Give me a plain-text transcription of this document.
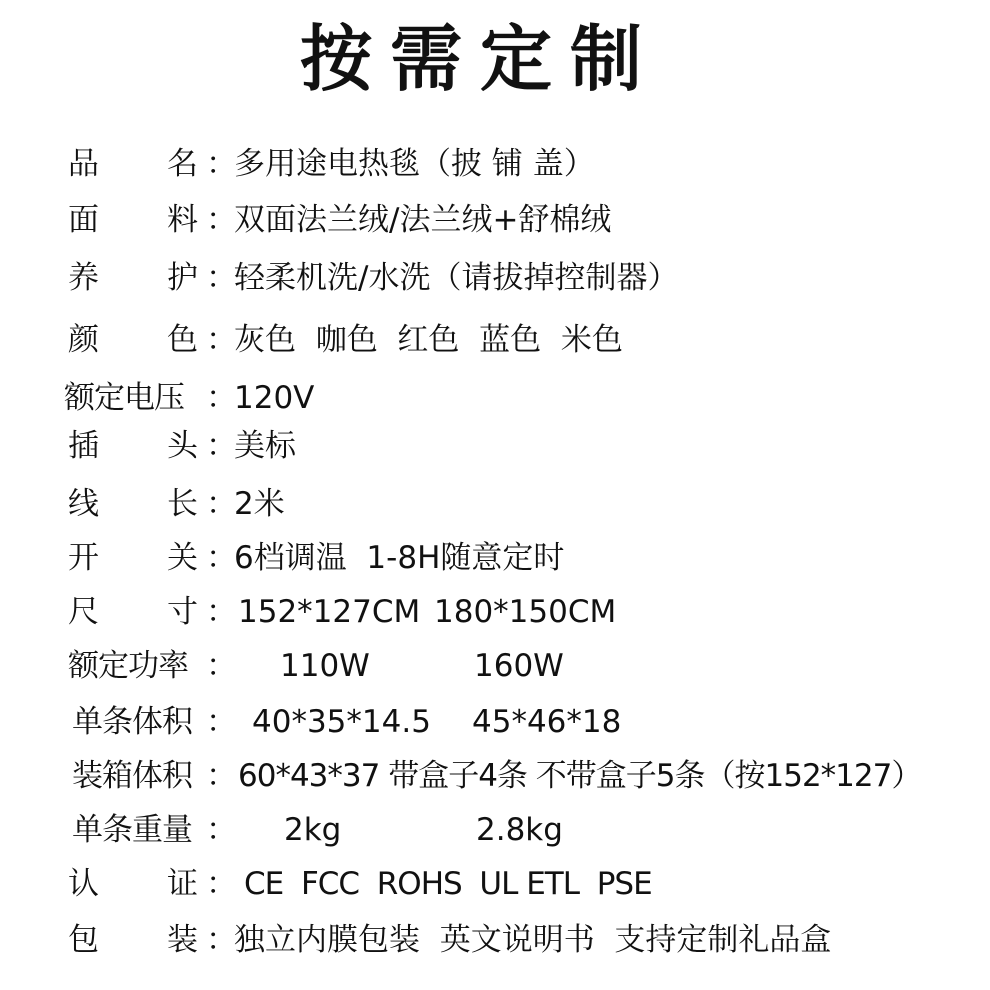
按需定制
品 名 ：
多用途电热毯（披 铺 盖）
面 料 ：
双面法兰绒/法兰绒+舒棉绒
养 护 ：
轻柔机洗/水洗（请拔掉控制器）
颜 色 ：
灰色  咖色  红色  蓝色  米色
额定电压 ：
120V
插 头 ：
美标
线 长 ：
2米
开 关 ：
6档调温  1-8H随意定时
尺 寸 ： 152*127CM 180*150CM
额定功率 ： 110W	160W
单条体积 ： 40*35*14.5 45*46*18
装箱体积 ： 60*43*37 带盒子4条 不带盒子5条（按152*127）
单条重量 ： 2kg	2.8kg
认 证 ： CE  FCC  ROHS  UL ETL  PSE
包 装 ：
独立内膜包装  英文说明书  支持定制礼品盒
